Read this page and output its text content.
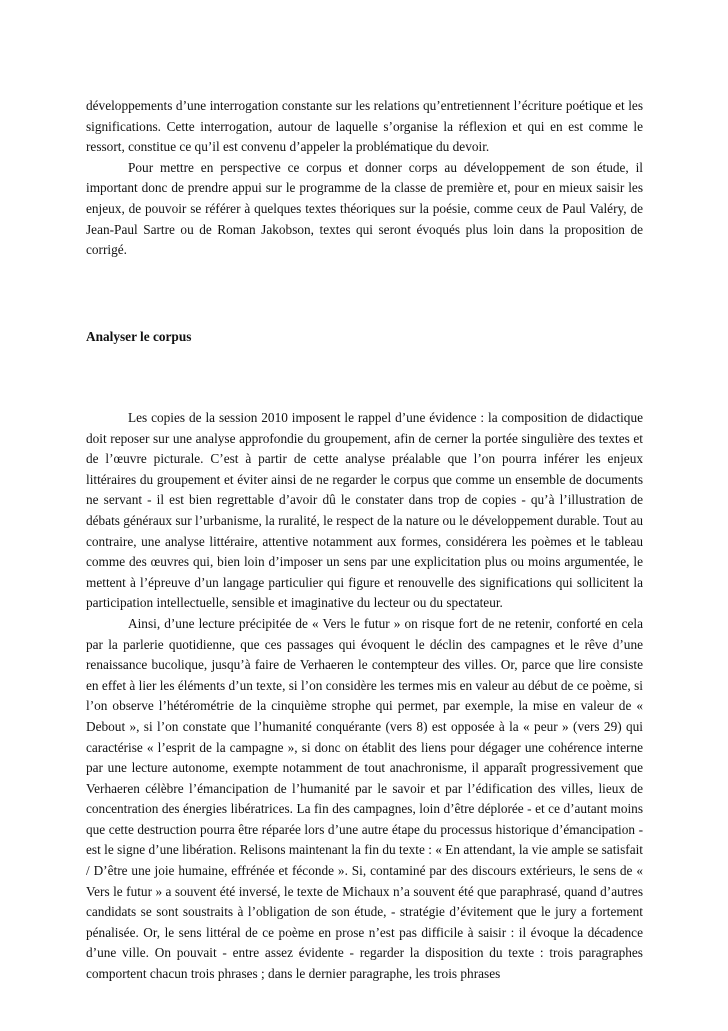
développements d’une interrogation constante sur les relations qu’entretiennent l’écriture poétique et les significations. Cette interrogation, autour de laquelle s’organise la réflexion et qui en est comme le ressort, constitue ce qu’il est convenu d’appeler la problématique du devoir.

Pour mettre en perspective ce corpus et donner corps au développement de son étude, il important donc de prendre appui sur le programme de la classe de première et, pour en mieux saisir les enjeux, de pouvoir se référer à quelques textes théoriques sur la poésie, comme ceux de Paul Valéry, de Jean-Paul Sartre ou de Roman Jakobson, textes qui seront évoqués plus loin dans la proposition de corrigé.

Analyser le corpus

Les copies de la session 2010 imposent le rappel d’une évidence : la composition de didactique doit reposer sur une analyse approfondie du groupement, afin de cerner la portée singulière des textes et de l’œuvre picturale. C’est à partir de cette analyse préalable que l’on pourra inférer les enjeux littéraires du groupement et éviter ainsi de ne regarder le corpus que comme un ensemble de documents ne servant - il est bien regrettable d’avoir dû le constater dans trop de copies - qu’à l’illustration de débats généraux sur l’urbanisme, la ruralité, le respect de la nature ou le développement durable. Tout au contraire, une analyse littéraire, attentive notamment aux formes, considérera les poèmes et le tableau comme des œuvres qui, bien loin d’imposer un sens par une explicitation plus ou moins argumentée, le mettent à l’épreuve d’un langage particulier qui figure et renouvelle des significations qui sollicitent la participation intellectuelle, sensible et imaginative du lecteur ou du spectateur.

Ainsi, d’une lecture précipitée de « Vers le futur » on risque fort de ne retenir, conforté en cela par la parlerie quotidienne, que ces passages qui évoquent le déclin des campagnes et le rêve d’une renaissance bucolique, jusqu’à faire de Verhaeren le contempteur des villes. Or, parce que lire consiste en effet à lier les éléments d’un texte, si l’on considère les termes mis en valeur au début de ce poème, si l’on observe l’hétérométrie de la cinquième strophe qui permet, par exemple, la mise en valeur de « Debout », si l’on constate que l’humanité conquérante (vers 8) est opposée à la « peur » (vers 29) qui caractérise « l’esprit de la campagne », si donc on établit des liens pour dégager une cohérence interne par une lecture autonome, exempte notamment de tout anachronisme, il apparaît progressivement que Verhaeren célèbre l’émancipation de l’humanité par le savoir et par l’édification des villes, lieux de concentration des énergies libératrices. La fin des campagnes, loin d’être déplorée - et ce d’autant moins que cette destruction pourra être réparée lors d’une autre étape du processus historique d’émancipation - est le signe d’une libération. Relisons maintenant la fin du texte : « En attendant, la vie ample se satisfait / D’être une joie humaine, effrénée et féconde ». Si, contaminé par des discours extérieurs, le sens de « Vers le futur » a souvent été inversé, le texte de Michaux n’a souvent été que paraphrasé, quand d’autres candidats se sont soustraits à l’obligation de son étude, - stratégie d’évitement que le jury a fortement pénalisée. Or, le sens littéral de ce poème en prose n’est pas difficile à saisir : il évoque la décadence d’une ville. On pouvait - entre assez évidente - regarder la disposition du texte : trois paragraphes comportent chacun trois phrases ; dans le dernier paragraphe, les trois phrases
